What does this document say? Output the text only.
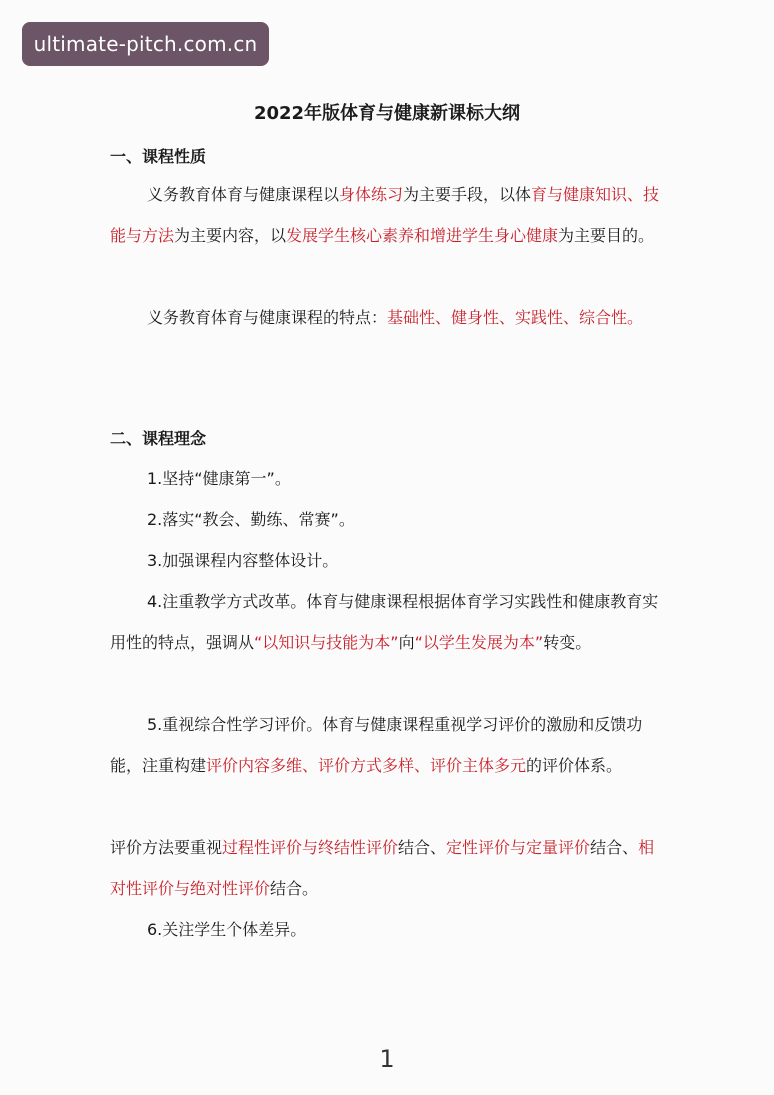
ultimate-pitch.com.cn
2022年版体育与健康新课标大纲
一、课程性质
义务教育体育与健康课程以身体练习为主要手段，以体育与健康知识、技能与方法为主要内容，以发展学生核心素养和增进学生身心健康为主要目的。
义务教育体育与健康课程的特点：基础性、健身性、实践性、综合性。
二、课程理念
1.坚持“健康第一”。
2.落实“教会、勤练、常赛”。
3.加强课程内容整体设计。
4.注重教学方式改革。体育与健康课程根据体育学习实践性和健康教育实用性的特点，强调从“以知识与技能为本”向“以学生发展为本”转变。
5.重视综合性学习评价。体育与健康课程重视学习评价的激励和反馈功能，注重构建评价内容多维、评价方式多样、评价主体多元的评价体系。
评价方法要重视过程性评价与终结性评价结合、定性评价与定量评价结合、相对性评价与绝对性评价结合。
6.关注学生个体差异。
1
